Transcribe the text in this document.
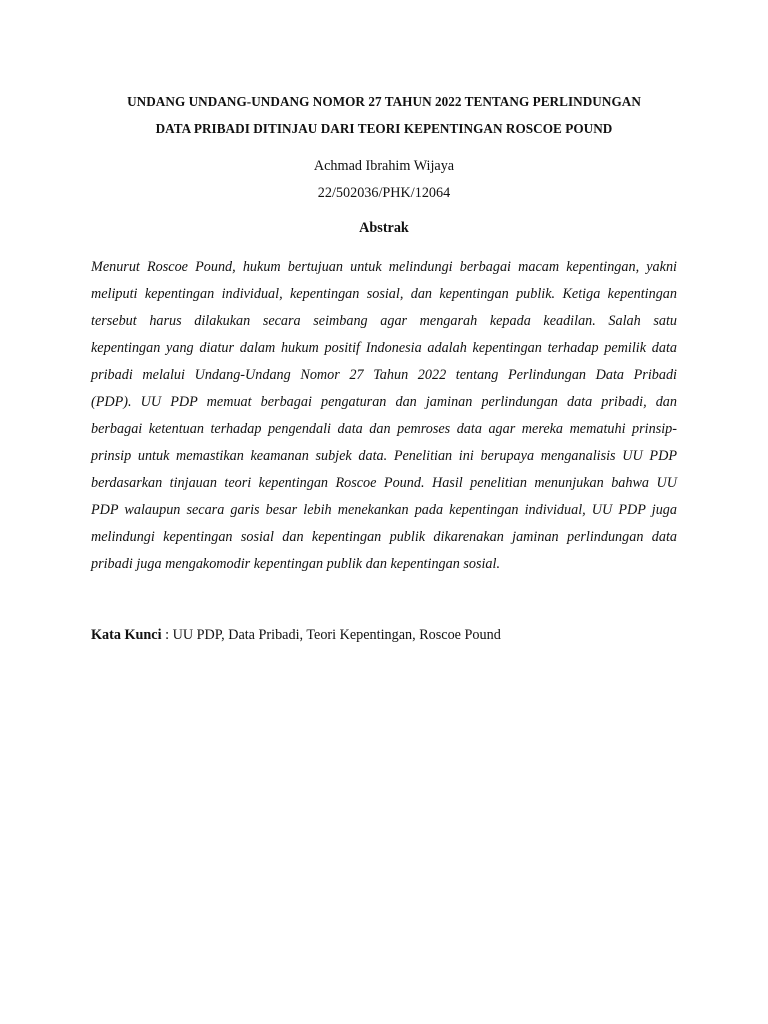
UNDANG UNDANG-UNDANG NOMOR 27 TAHUN 2022 TENTANG PERLINDUNGAN
DATA PRIBADI DITINJAU DARI TEORI KEPENTINGAN ROSCOE POUND
Achmad Ibrahim Wijaya
22/502036/PHK/12064
Abstrak
Menurut Roscoe Pound, hukum bertujuan untuk melindungi berbagai macam kepentingan, yakni
meliputi kepentingan individual, kepentingan sosial, dan kepentingan publik. Ketiga kepentingan
tersebut harus dilakukan secara seimbang agar mengarah kepada keadilan. Salah satu
kepentingan yang diatur dalam hukum positif Indonesia adalah kepentingan terhadap pemilik data
pribadi melalui Undang-Undang Nomor 27 Tahun 2022 tentang Perlindungan Data Pribadi
(PDP). UU PDP memuat berbagai pengaturan dan jaminan perlindungan data pribadi, dan
berbagai ketentuan terhadap pengendali data dan pemroses data agar mereka mematuhi prinsip-
prinsip untuk memastikan keamanan subjek data. Penelitian ini berupaya menganalisis UU PDP
berdasarkan tinjauan teori kepentingan Roscoe Pound. Hasil penelitian menunjukan bahwa UU
PDP walaupun secara garis besar lebih menekankan pada kepentingan individual, UU PDP juga
melindungi kepentingan sosial dan kepentingan publik dikarenakan jaminan perlindungan data
pribadi juga mengakomodir kepentingan publik dan kepentingan sosial.
Kata Kunci : UU PDP, Data Pribadi, Teori Kepentingan, Roscoe Pound
